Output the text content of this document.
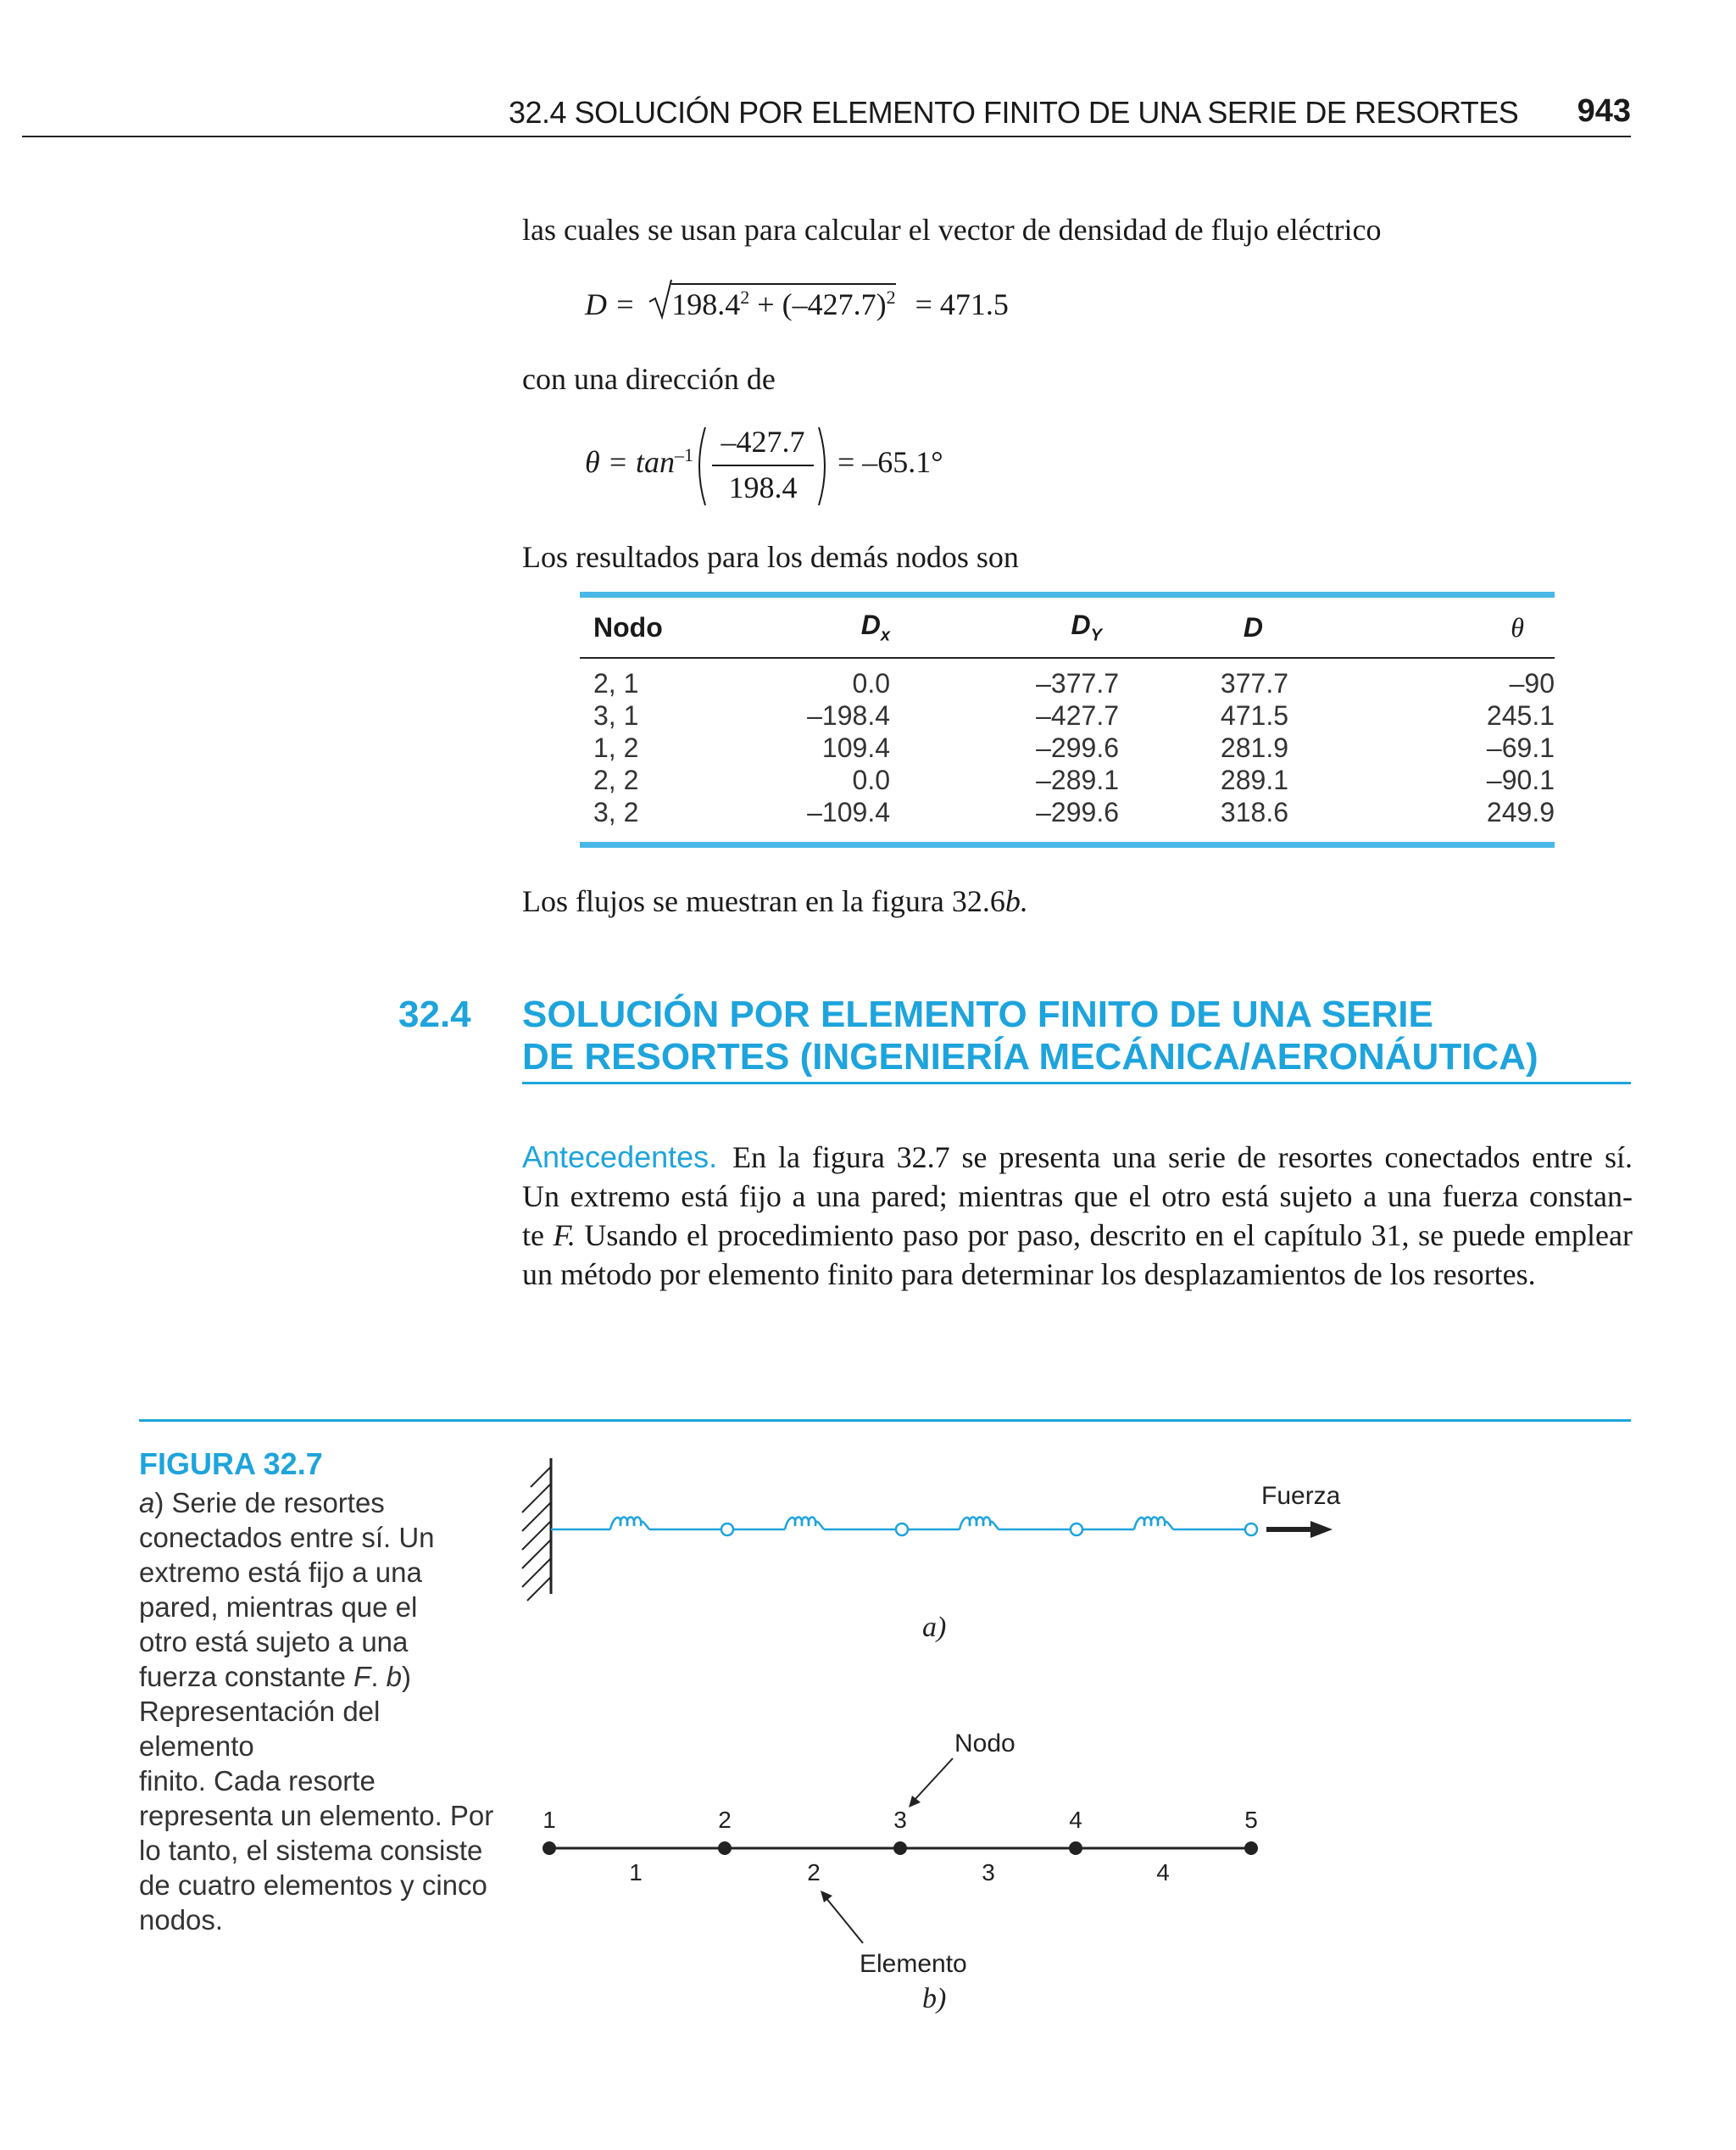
32.4 SOLUCIÓN POR ELEMENTO FINITO DE UNA SERIE DE RESORTES 943
las cuales se usan para calcular el vector de densidad de flujo eléctrico
$D = 198.4^2 + (-427.7)^2 = 471.5$
con una dirección de
$\theta = \tan^{-1} -427.7$
198.4
= –65.1°
Los resultados para los demás nodos son
Nodo	$D_x$	$D_Y$	D	θ
2, 1	0.0	–377.7	377.7	–90
3, 1	–198.4	–427.7	471.5	245.1
1, 2	109.4	–299.6	281.9	–69.1
2, 2	0.0	–289.1	289.1	–90.1
3, 2	–109.4	–299.6	318.6	249.9
Los flujos se muestran en la figura 32.6b.
32.4 SOLUCIÓN POR ELEMENTO FINITO DE UNA SERIE
DE RESORTES (INGENIERÍA MECÁNICA/AERONÁUTICA)
Antecedentes. En la figura 32.7 se presenta una serie de resortes conectados entre sí.
Un extremo está fijo a una pared; mientras que el otro está sujeto a una fuerza constan-
te F. Usando el procedimiento paso por paso, descrito en el capítulo 31, se puede emplear
un método por elemento finito para determinar los desplazamientos de los resortes.
FIGURA 32.7
a) Serie de resortes
conectados entre sí. Un
extremo está fijo a una
pared, mientras que el
otro está sujeto a una
fuerza constante F. b)
Representación del elemento
finito. Cada resorte
representa un elemento. Por
lo tanto, el sistema consiste
de cuatro elementos y cinco
nodos.
Fuerza
a)
1	2	3	4	5
1	2	3	4
Nodo
Elemento
b)
